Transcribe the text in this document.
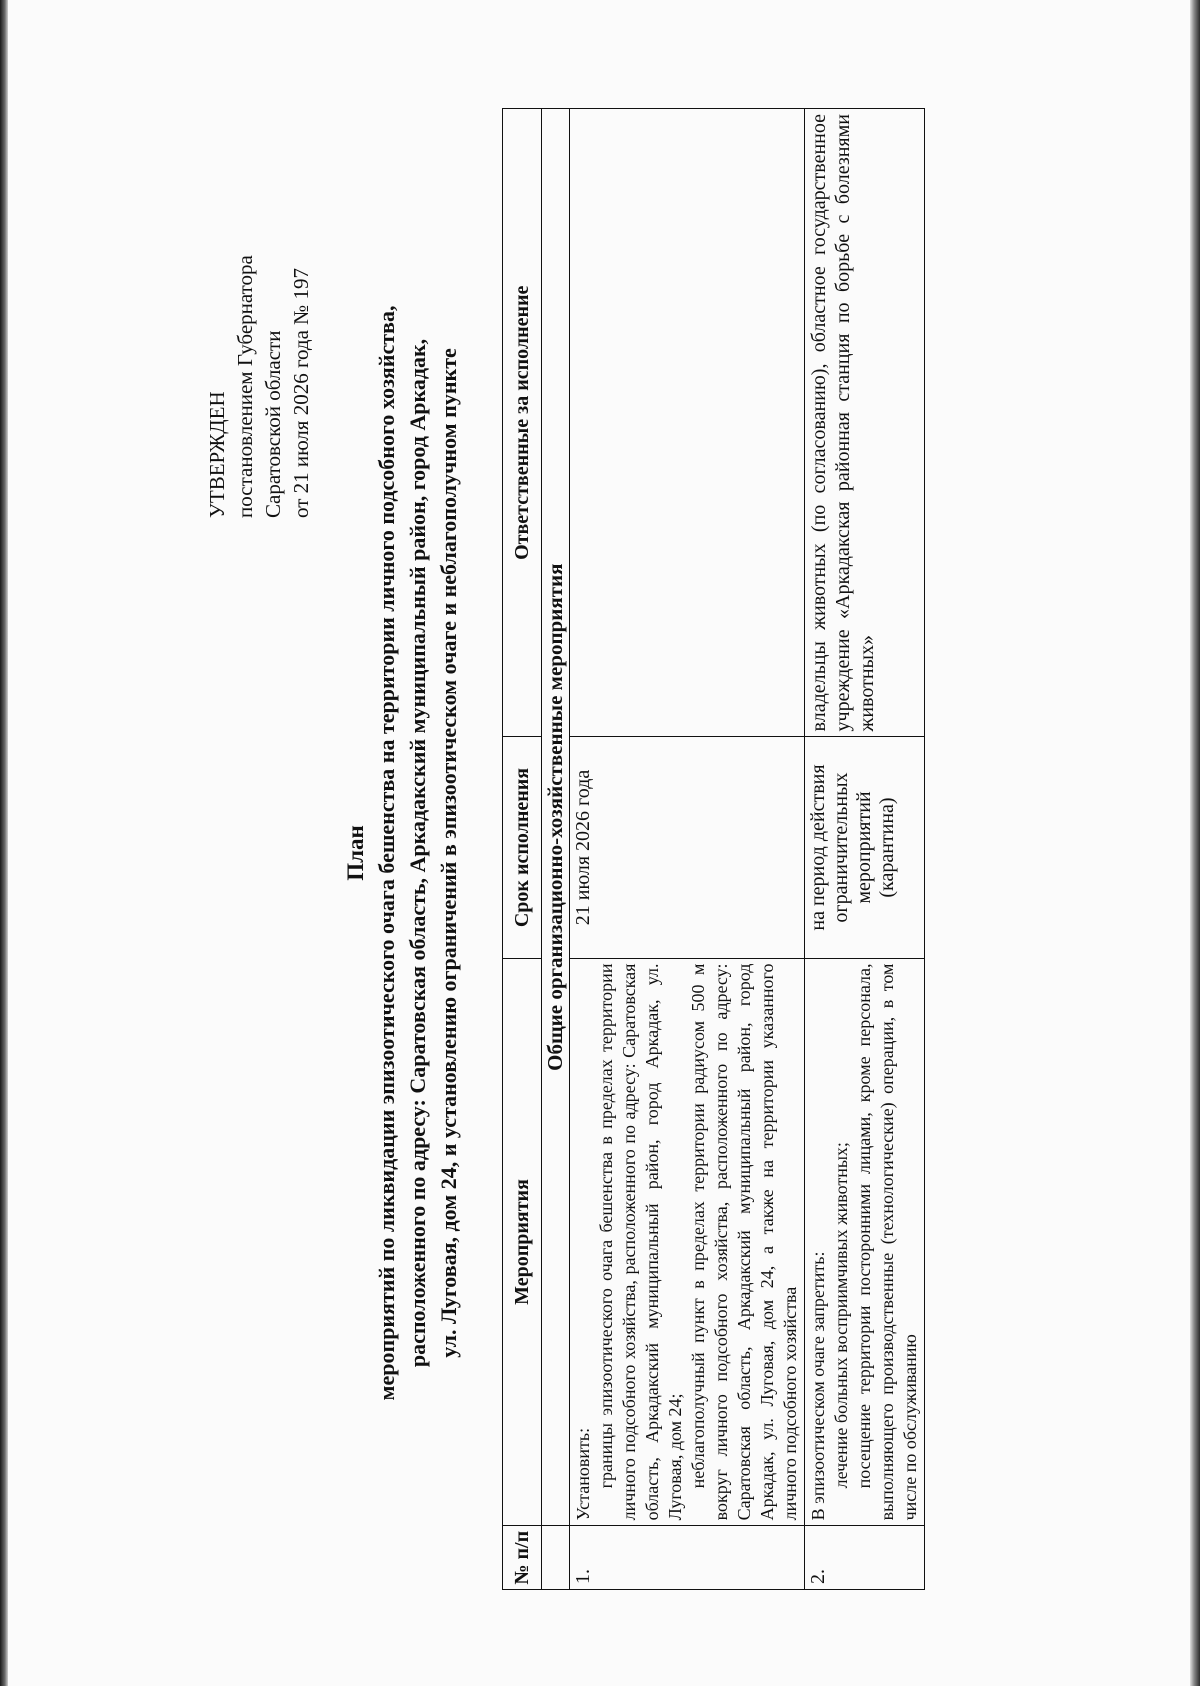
УТВЕРЖДЕН постановлением Губернатора Саратовской области от 21 июля 2026 года № 197
План мероприятий по ликвидации эпизоотического очага бешенства на территории личного подсобного хозяйства, расположенного по адресу: Саратовская область, Аркадакский муниципальный район, город Аркадак, ул. Луговая, дом 24, и установлению ограничений в эпизоотическом очаге и неблагополучном пункте
№ п/п	Мероприятия	Срок исполнения	Ответственные за исполнение
	Общие организационно-хозяйственные мероприятия		
1.	Установить: границы эпизоотического очага бешенства в пределах территории личного подсобного хозяйства, расположенного по адресу: Саратовская область, Аркадакский муниципальный район, город Аркадак, ул. Луговая, дом 24; неблагополучный пункт в пределах территории радиусом 500 м вокруг личного подсобного хозяйства, расположенного по адресу: Саратовская область, Аркадакский муниципальный район, город Аркадак, ул. Луговая, дом 24, а также на территории указанного личного подсобного хозяйства	21 июля 2026 года	
2.	В эпизоотическом очаге запретить: лечение больных восприимчивых животных; посещение территории посторонними лицами, кроме персонала, выполняющего производственные (технологические) операции, в том числе по обслуживанию	на период действия ограничительных мероприятий (карантина)	владельцы животных (по согласованию), областное государственное учреждение «Аркадакская районная станция по борьбе с болезнями животных»
